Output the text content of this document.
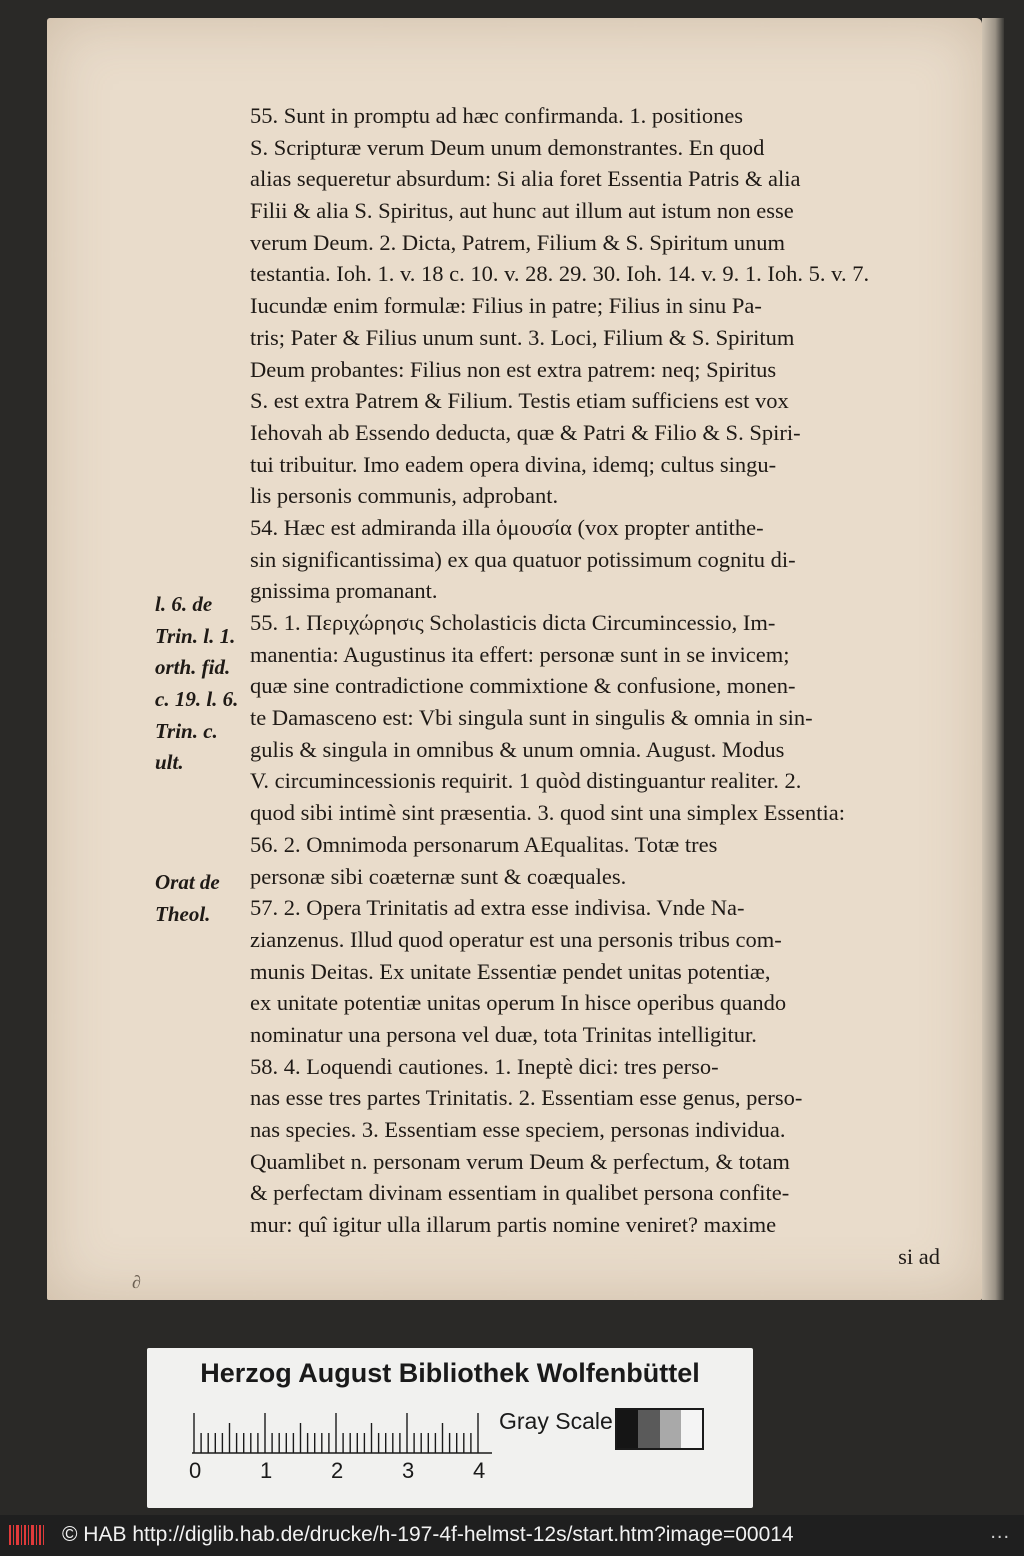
55. Sunt in promptu ad hæc confirmanda. 1. positiones
S. Scripturæ verum Deum unum demonstrantes. En quod
alias sequeretur absurdum: Si alia foret Essentia Patris & alia
Filii & alia S. Spiritus, aut hunc aut illum aut istum non esse
verum Deum. 2. Dicta, Patrem, Filium & S. Spiritum unum
testantia. Ioh. 1. v. 18 c. 10. v. 28. 29. 30. Ioh. 14. v. 9. 1. Ioh. 5. v. 7.
Iucundæ enim formulæ: Filius in patre; Filius in sinu Pa-
tris; Pater & Filius unum sunt. 3. Loci, Filium & S. Spiritum
Deum probantes: Filius non est extra patrem: neq; Spiritus
S. est extra Patrem & Filium. Testis etiam sufficiens est vox
Iehovah ab Essendo deducta, quæ & Patri & Filio & S. Spiri-
tui tribuitur. Imo eadem opera divina, idemq; cultus singu-
lis personis communis, adprobant.
54. Hæc est admiranda illa ὁμουσία (vox propter antithe-
sin significantissima) ex qua quatuor potissimum cognitu di-
gnissima promanant.
55. 1. Περιχώρησις Scholasticis dicta Circumincessio, Im-
manentia: Augustinus ita effert: personæ sunt in se invicem;
quæ sine contradictione commixtione & confusione, monen-
te Damasceno est: Vbi singula sunt in singulis & omnia in sin-
gulis & singula in omnibus & unum omnia. August. Modus
V. circumincessionis requirit. 1 quòd distinguantur realiter. 2.
quod sibi intimè sint præsentia. 3. quod sint una simplex Essentia:
56. 2. Omnimoda personarum AEqualitas. Totæ tres
personæ sibi coæternæ sunt & coæquales.
57. 2. Opera Trinitatis ad extra esse indivisa. Vnde Na-
zianzenus. Illud quod operatur est una personis tribus com-
munis Deitas. Ex unitate Essentiæ pendet unitas potentiæ,
ex unitate potentiæ unitas operum In hisce operibus quando
nominatur una persona vel duæ, tota Trinitas intelligitur.
58. 4. Loquendi cautiones. 1. Ineptè dici: tres perso-
nas esse tres partes Trinitatis. 2. Essentiam esse genus, perso-
nas species. 3. Essentiam esse speciem, personas individua.
Quamlibet n. personam verum Deum & perfectum, & totam
& perfectam divinam essentiam in qualibet persona confite-
mur: quî igitur ulla illarum partis nomine veniret? maxime
si ad
l. 6. de
Trin. l. 1.
orth. fid.
c. 19. l. 6.
Trin. c.
ult.
Orat de
Theol.
∂
Herzog August Bibliothek Wolfenbüttel
0	1	2	3	4
Gray Scale
© HAB http://diglib.hab.de/drucke/h-197-4f-helmst-12s/start.htm?image=00014	...
